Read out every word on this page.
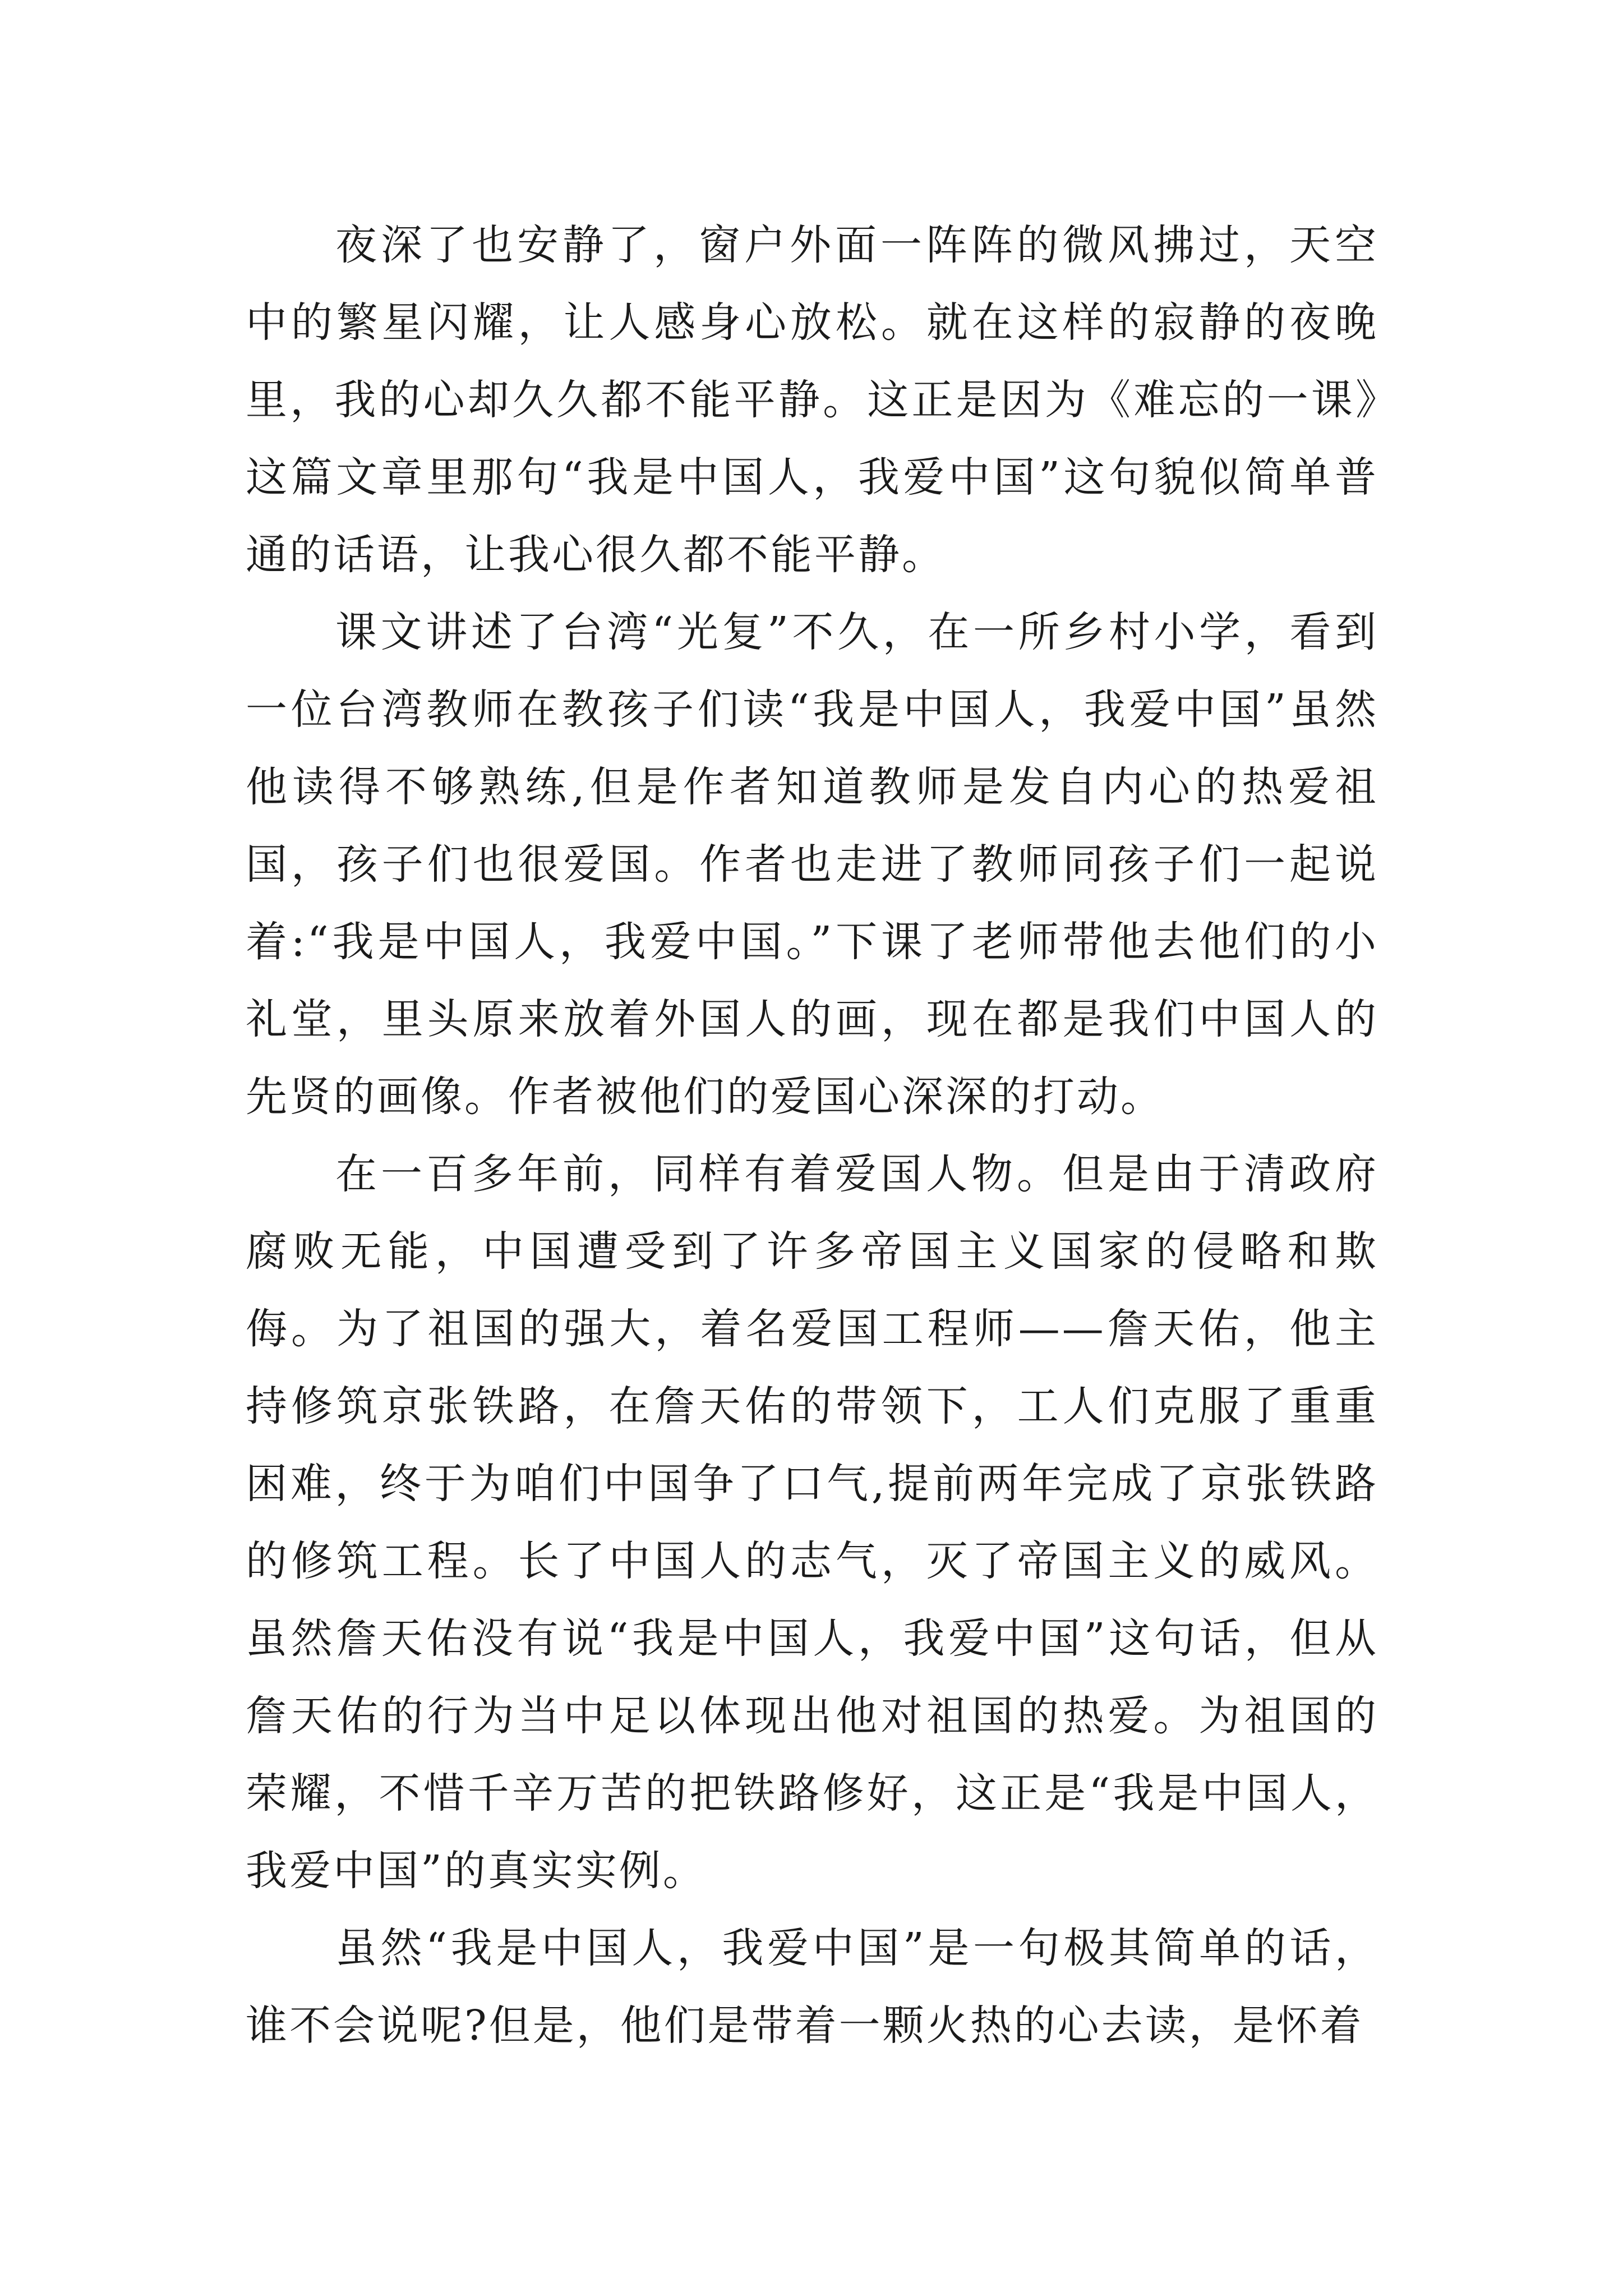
夜深了也安静了，窗户外面一阵阵的微风拂过，天空中的繁星闪耀，让人感身心放松。就在这样的寂静的夜晚里，我的心却久久都不能平静。这正是因为《难忘的一课》这篇文章里那句“我是中国人，我爱中国”这句貌似简单普通的话语，让我心很久都不能平静。

课文讲述了台湾“光复”不久，在一所乡村小学，看到一位台湾教师在教孩子们读“我是中国人，我爱中国”虽然他读得不够熟练,但是作者知道教师是发自内心的热爱祖国，孩子们也很爱国。作者也走进了教师同孩子们一起说着:“我是中国人，我爱中国。”下课了老师带他去他们的小礼堂，里头原来放着外国人的画，现在都是我们中国人的先贤的画像。作者被他们的爱国心深深的打动。

在一百多年前，同样有着爱国人物。但是由于清政府腐败无能，中国遭受到了许多帝国主义国家的侵略和欺侮。为了祖国的强大，着名爱国工程师——詹天佑，他主持修筑京张铁路，在詹天佑的带领下，工人们克服了重重困难，终于为咱们中国争了口气,提前两年完成了京张铁路的修筑工程。长了中国人的志气，灭了帝国主义的威风。虽然詹天佑没有说“我是中国人，我爱中国”这句话，但从詹天佑的行为当中足以体现出他对祖国的热爱。为祖国的荣耀，不惜千辛万苦的把铁路修好，这正是“我是中国人，我爱中国”的真实实例。

虽然“我是中国人，我爱中国”是一句极其简单的话，谁不会说呢?但是，他们是带着一颗火热的心去读，是怀着
